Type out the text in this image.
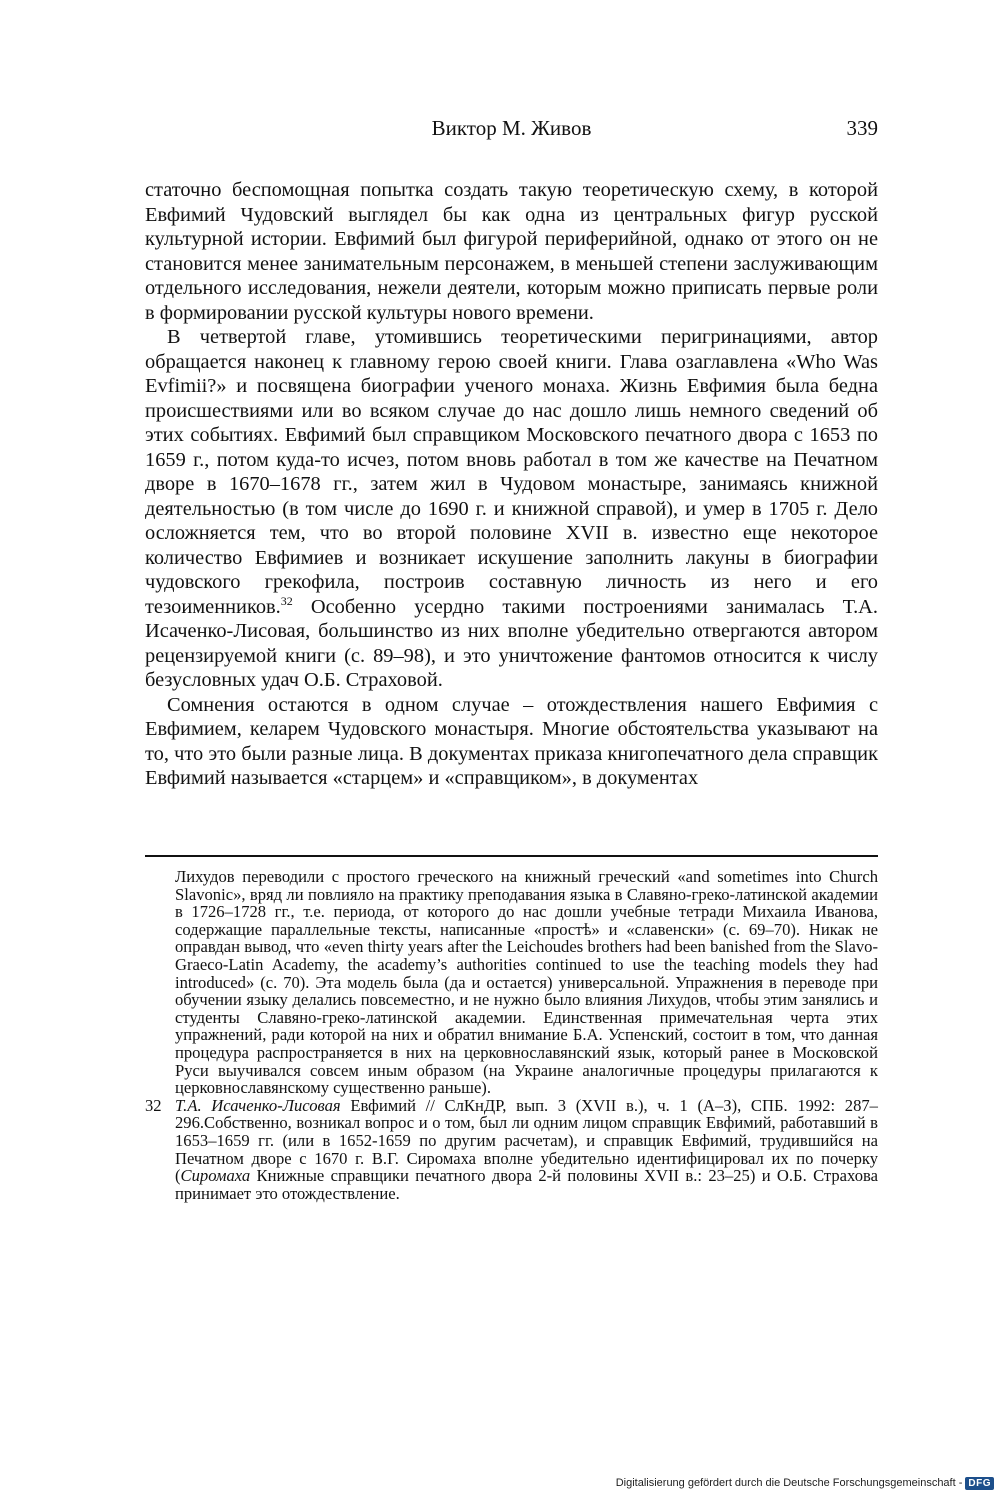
Виктор М. Живов	339

статочно беспомощная попытка создать такую теоретическую схему, в которой Евфимий Чудовский выглядел бы как одна из центральных фигур русской культурной истории. Евфимий был фигурой периферийной, однако от этого он не становится менее занимательным персонажем, в меньшей степени заслуживающим отдельного исследования, нежели деятели, которым можно приписать первые роли в формировании русской культуры нового времени.

В четвертой главе, утомившись теоретическими перигринациями, автор обращается наконец к главному герою своей книги. Глава озаглавлена «Who Was Evfimii?» и посвящена биографии ученого монаха. Жизнь Евфимия была бедна происшествиями или во всяком случае до нас дошло лишь немного сведений об этих событиях. Евфимий был справщиком Московского печатного двора с 1653 по 1659 г., потом куда-то исчез, потом вновь работал в том же качестве на Печатном дворе в 1670–1678 гг., затем жил в Чудовом монастыре, занимаясь книжной деятельностью (в том числе до 1690 г. и книжной справой), и умер в 1705 г. Дело осложняется тем, что во второй половине XVII в. известно еще некоторое количество Евфимиев и возникает искушение заполнить лакуны в биографии чудовского грекофила, построив составную личность из него и его тезоименников.$^{32}$ Особенно усердно такими построениями занималась Т.А. Исаченко-Лисовая, большинство из них вполне убедительно отвергаются автором рецензируемой книги (с. 89–98), и это уничтожение фантомов относится к числу безусловных удач О.Б. Страховой.

Сомнения остаются в одном случае – отождествления нашего Евфимия с Евфимием, келарем Чудовского монастыря. Многие обстоятельства указывают на то, что это были разные лица. В документах приказа книгопечатного дела справщик Евфимий называется «старцем» и «справщиком», в документах

Лихудов переводили с простого греческого на книжный греческий «and sometimes into Church Slavonic», вряд ли повлияло на практику преподавания языка в Славяно-греко-латинской академии в 1726–1728 гг., т.е. периода, от которого до нас дошли учебные тетради Михаила Иванова, содержащие параллельные тексты, написанные «простѣ» и «славенски» (с. 69–70). Никак не оправдан вывод, что «even thirty years after the Leichoudes brothers had been banished from the Slavo-Graeco-Latin Academy, the academy’s authorities continued to use the teaching models they had introduced» (с. 70). Эта модель была (да и остается) универсальной. Упражнения в переводе при обучении языку делались повсеместно, и не нужно было влияния Лихудов, чтобы этим занялись и студенты Славяно-греко-латинской академии. Единственная примечательная черта этих упражнений, ради которой на них и обратил внимание Б.А. Успенский, состоит в том, что данная процедура распространяется в них на церковнославянский язык, который ранее в Московской Руси выучивался совсем иным образом (на Украине аналогичные процедуры прилагаются к церковнославянскому существенно раньше).

32 Т.А. Исаченко-Лисовая Евфимий // СлКнДР, вып. 3 (XVII в.), ч. 1 (А–З), СПБ. 1992: 287–296.Собственно, возникал вопрос и о том, был ли одним лицом справщик Евфимий, работавший в 1653–1659 гг. (или в 1652-1659 по другим расчетам), и справщик Евфимий, трудившийся на Печатном дворе с 1670 г. В.Г. Сиромаха вполне убедительно идентифицировал их по почерку (Сиромаха Книжные справщики печатного двора 2-й половины XVII в.: 23–25) и О.Б. Страхова принимает это отождествление.

Digitalisierung gefördert durch die Deutsche Forschungsgemeinschaft - DFG
